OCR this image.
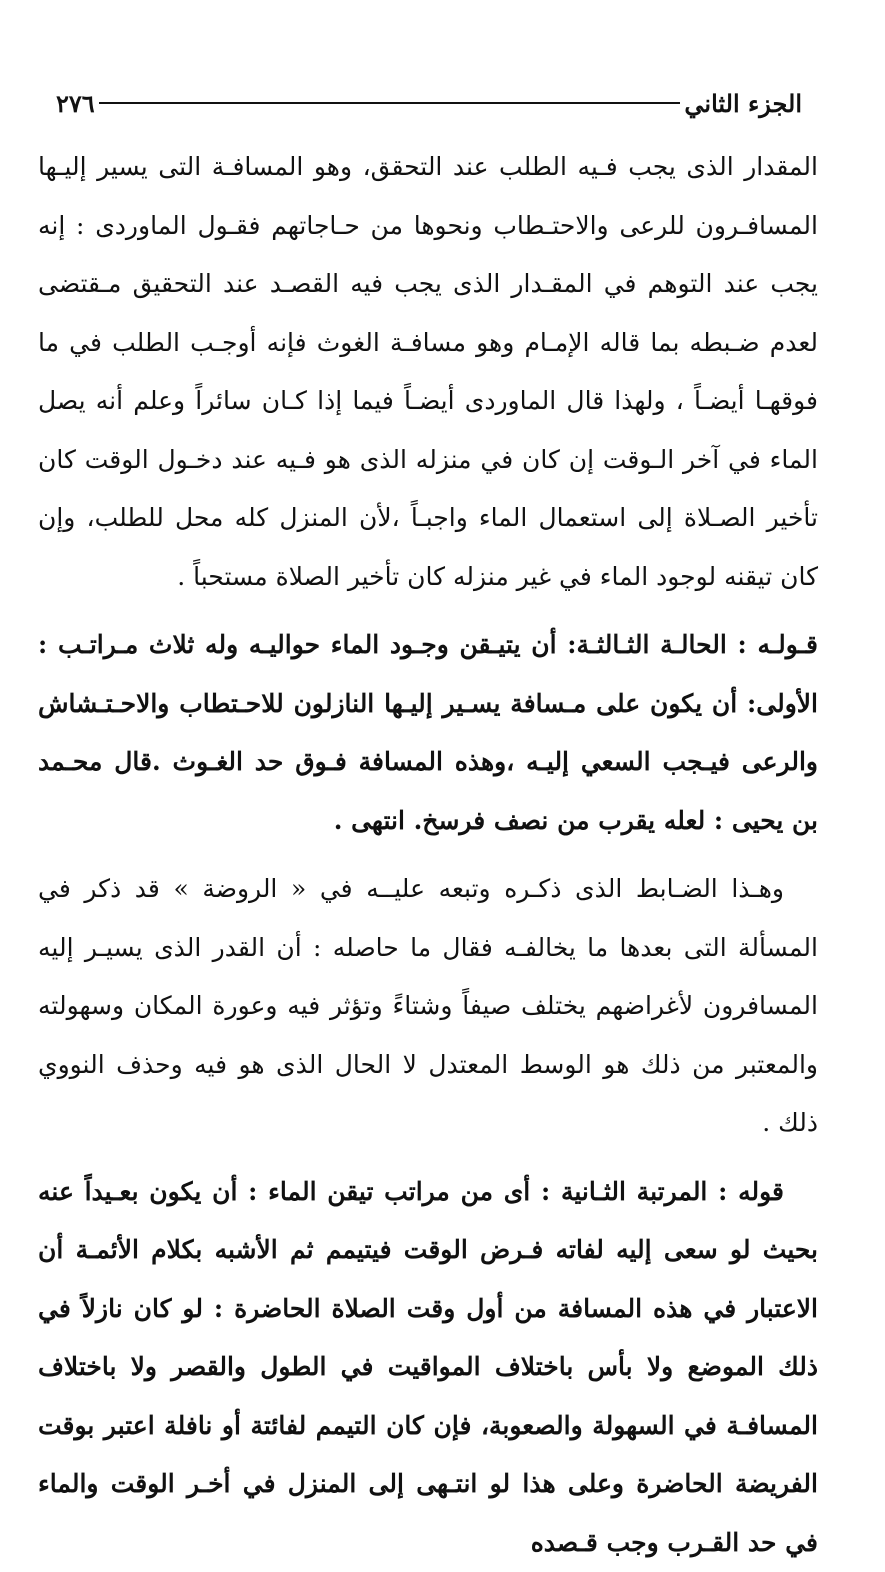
الجزء الثاني
٢٧٦

المقدار الذى يجب فـيه الطلب عند التحقق، وهو المسافـة التى يسير إليـها المسافـرون للرعى والاحتـطاب ونحوها من حـاجاتهم فقـول الماوردى : إنه يجب عند التوهم في المقـدار الذى يجب فيه القصـد عند التحقيق مـقتضى لعدم ضـبطه بما قاله الإمـام وهو مسافـة الغوث فإنه أوجـب الطلب في ما فوقهـا أيضـاً ، ولهذا قال الماوردى أيضـاً فيما إذا كـان سائراً وعلم أنه يصل الماء في آخر الـوقت إن كان في منزله الذى هو فـيه عند دخـول الوقت كان تأخير الصـلاة إلى استعمال الماء واجبـاً ،لأن المنزل كله محل للطلب، وإن كان تيقنه لوجود الماء في غير منزله كان تأخير الصلاة مستحباً .

قـولـه : الحالـة الثـالثـة: أن يتيـقن وجـود الماء حواليـه وله ثلاث مـراتـب : الأولى: أن يكون على مـسافة يسـير إليـها النازلون للاحـتطاب والاحـتـشاش والرعى فيـجب السعي إليـه ،وهذه المسافة فـوق حد الغـوث .قال محـمد بن يحيى : لعله يقرب من نصف فرسخ. انتهى .

وهـذا الضـابط الذى ذكـره وتبعه عليــه في « الروضة » قد ذكر في المسألة التى بعدها ما يخالفـه فقال ما حاصله : أن القدر الذى يسيـر إليه المسافرون لأغراضهم يختلف صيفاً وشتاءً وتؤثر فيه وعورة المكان وسهولته والمعتبر من ذلك هو الوسط المعتدل لا الحال الذى هو فيه وحذف النووي ذلك .

قوله : المرتبة الثـانية : أى من مراتب تيقن الماء : أن يكون بعـيداً عنه بحيث لو سعى إليه لفاته فـرض الوقت فيتيمم ثم الأشبه بكلام الأئمـة أن الاعتبار في هذه المسافة من أول وقت الصلاة الحاضرة : لو كان نازلاً في ذلك الموضع ولا بأس باختلاف المواقيت في الطول والقصر ولا باختلاف المسافـة في السهولة والصعوبة، فإن كان التيمم لفائتة أو نافلة اعتبر بوقت الفريضة الحاضرة وعلى هذا لو انتـهى إلى المنزل في أخـر الوقت والماء في حد القـرب وجب قـصده
